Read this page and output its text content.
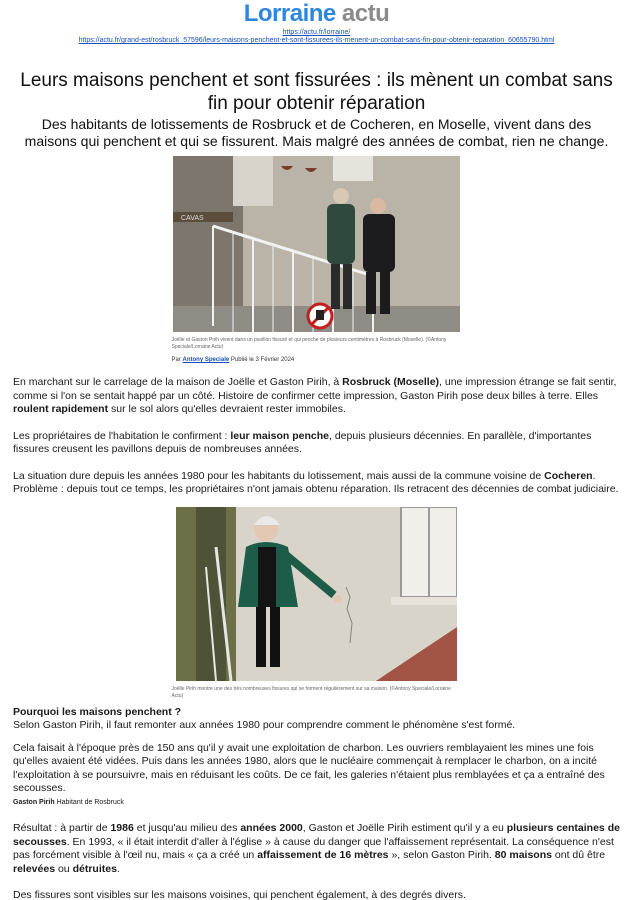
Lorraine actu
https://actu.fr/lorraine/
https://actu.fr/grand-est/rosbruck_57596/leurs-maisons-penchent-et-sont-fissurees-ils-menent-un-combat-sans-fin-pour-obtenir-reparation_60655790.html
Leurs maisons penchent et sont fissurées : ils mènent un combat sans fin pour obtenir réparation

Des habitants de lotissements de Rosbruck et de Cocheren, en Moselle, vivent dans des maisons qui penchent et qui se fissurent. Mais malgré des années de combat, rien ne change.

CAVAS
Joëlle et Gaston Pirih vivent dans un pavillon fissuré et qui penche de plusieurs centimètres à Rosbruck (Moselle). (©Antony Speciale/Lorraine Actu)
Par Antony Speciale Publié le 3 Février 2024

En marchant sur le carrelage de la maison de Joëlle et Gaston Pirih, à Rosbruck (Moselle), une impression étrange se fait sentir, comme si l'on se sentait happé par un côté. Histoire de confirmer cette impression, Gaston Pirih pose deux billes à terre. Elles roulent rapidement sur le sol alors qu'elles devraient rester immobiles.

Les propriétaires de l'habitation le confirment : leur maison penche, depuis plusieurs décennies. En parallèle, d'importantes fissures creusent les pavillons depuis de nombreuses années.

La situation dure depuis les années 1980 pour les habitants du lotissement, mais aussi de la commune voisine de Cocheren. Problème : depuis tout ce temps, les propriétaires n'ont jamais obtenu réparation. Ils retracent des décennies de combat judiciaire.

Joëlle Pirih montre une des très nombreuses fissures qui se forment régulièrement sur sa maison. (©Antony Speciale/Lorraine Actu)

Pourquoi les maisons penchent ?

Selon Gaston Pirih, il faut remonter aux années 1980 pour comprendre comment le phénomène s'est formé.

Cela faisait à l'époque près de 150 ans qu'il y avait une exploitation de charbon. Les ouvriers remblayaient les mines une fois qu'elles avaient été vidées. Puis dans les années 1980, alors que le nucléaire commençait à remplacer le charbon, on a incité l'exploitation à se poursuivre, mais en réduisant les coûts. De ce fait, les galeries n'étaient plus remblayées et ça a entraîné des secousses.

Gaston Pirih Habitant de Rosbruck

Résultat : à partir de 1986 et jusqu'au milieu des années 2000, Gaston et Joëlle Pirih estiment qu'il y a eu plusieurs centaines de secousses. En 1993, « il était interdit d'aller à l'église » à cause du danger que l'affaissement représentait. La conséquence n'est pas forcément visible à l'œil nu, mais « ça a créé un affaissement de 16 mètres », selon Gaston Pirih. 80 maisons ont dû être relevées ou détruites.

Des fissures sont visibles sur les maisons voisines, qui penchent également, à des degrés divers.
